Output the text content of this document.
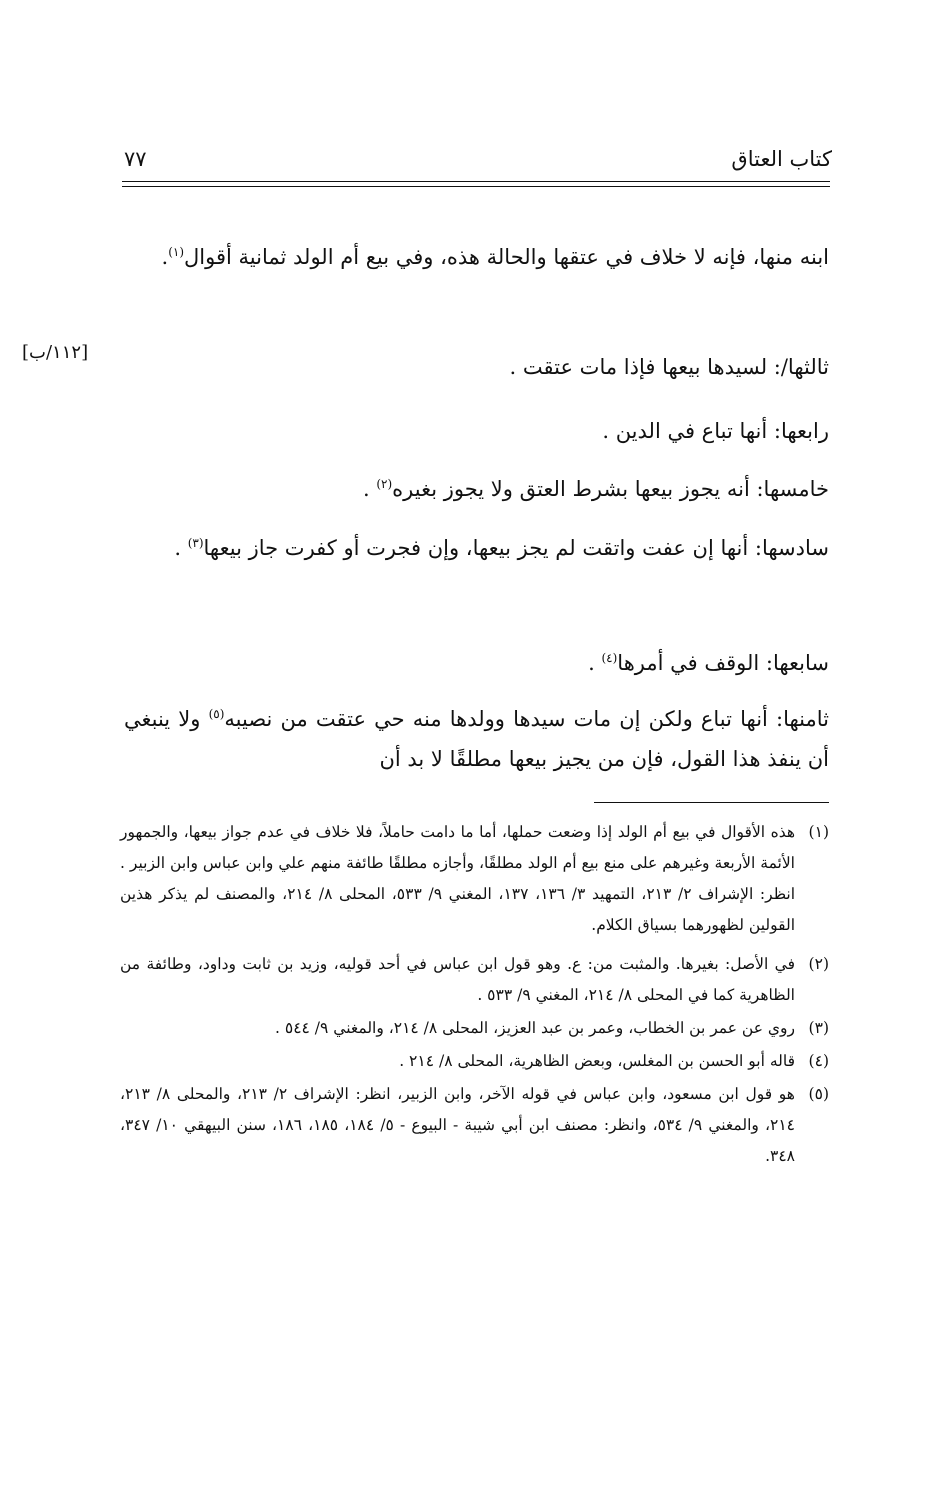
كتاب العتاق
٧٧
[١١٢/ب]

ابنه منها، فإنه لا خلاف في عتقها والحالة هذه، وفي بيع أم الولد ثمانية أقوال$^{(١)}$.

ثالثها/: لسيدها بيعها فإذا مات عتقت .

رابعها: أنها تباع في الدين .

خامسها: أنه يجوز بيعها بشرط العتق ولا يجوز بغيره$^{(٢)}$ .

سادسها: أنها إن عفت واتقت لم يجز بيعها، وإن فجرت أو كفرت جاز بيعها$^{(٣)}$ .

سابعها: الوقف في أمرها$^{(٤)}$ .

ثامنها: أنها تباع ولكن إن مات سيدها وولدها منه حي عتقت من نصيبه$^{(٥)}$ ولا ينبغي أن ينفذ هذا القول، فإن من يجيز بيعها مطلقًا لا بد أن

(١)
هذه الأقوال في بيع أم الولد إذا وضعت حملها، أما ما دامت حاملاً، فلا خلاف في عدم جواز بيعها، والجمهور الأئمة الأربعة وغيرهم على منع بيع أم الولد مطلقًا، وأجازه مطلقًا طائفة منهم علي وابن عباس وابن الزبير . انظر: الإشراف ٢/ ٢١٣، التمهيد ٣/ ١٣٦، ١٣٧، المغني ٩/ ٥٣٣، المحلى ٨/ ٢١٤، والمصنف لم يذكر هذين القولين لظهورهما بسياق الكلام.
(٢)
في الأصل: بغيرها. والمثبت من: ع. وهو قول ابن عباس في أحد قوليه، وزيد بن ثابت وداود، وطائفة من الظاهرية كما في المحلى ٨/ ٢١٤، المغني ٩/ ٥٣٣ .
(٣)
روي عن عمر بن الخطاب، وعمر بن عبد العزيز، المحلى ٨/ ٢١٤، والمغني ٩/ ٥٤٤ .
(٤)
قاله أبو الحسن بن المغلس، وبعض الظاهرية، المحلى ٨/ ٢١٤ .
(٥)
هو قول ابن مسعود، وابن عباس في قوله الآخر، وابن الزبير، انظر: الإشراف ٢/ ٢١٣، والمحلى ٨/ ٢١٣، ٢١٤، والمغني ٩/ ٥٣٤، وانظر: مصنف ابن أبي شيبة - البيوع - ٥/ ١٨٤، ١٨٥، ١٨٦، سنن البيهقي ١٠/ ٣٤٧، ٣٤٨.
